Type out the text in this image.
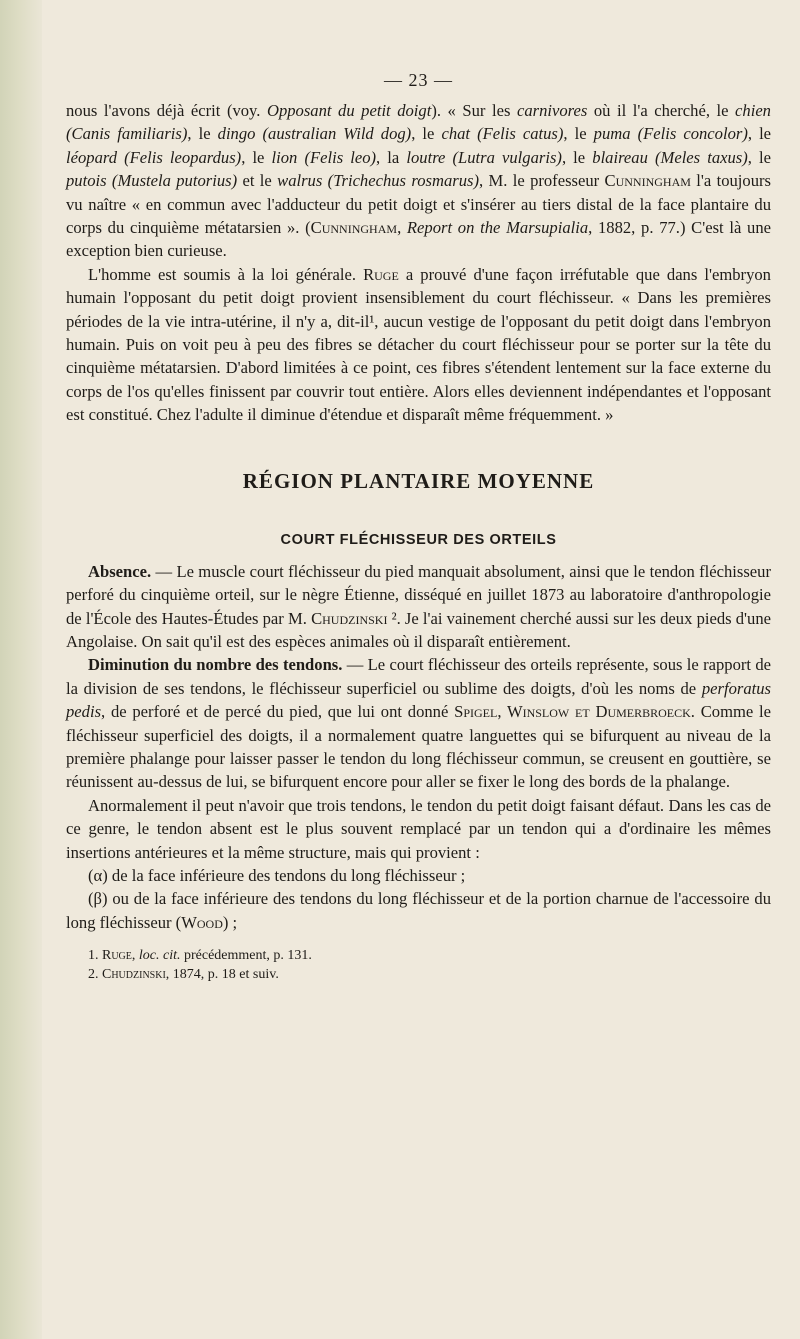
— 23 —

nous l'avons déjà écrit (voy. Opposant du petit doigt). « Sur les carnivores où il l'a cherché, le chien (Canis familiaris), le dingo (australian Wild dog), le chat (Felis catus), le puma (Felis concolor), le léopard (Felis leopardus), le lion (Felis leo), la loutre (Lutra vulgaris), le blaireau (Meles taxus), le putois (Mustela putorius) et le walrus (Trichechus rosmarus), M. le professeur Cunningham l'a toujours vu naître « en commun avec l'adducteur du petit doigt et s'insérer au tiers distal de la face plantaire du corps du cinquième métatarsien ». (Cunningham, Report on the Marsupialia, 1882, p. 77.) C'est là une exception bien curieuse.

L'homme est soumis à la loi générale. Ruge a prouvé d'une façon irréfutable que dans l'embryon humain l'opposant du petit doigt provient insensiblement du court fléchisseur. « Dans les premières périodes de la vie intra-utérine, il n'y a, dit-il¹, aucun vestige de l'opposant du petit doigt dans l'embryon humain. Puis on voit peu à peu des fibres se détacher du court fléchisseur pour se porter sur la tête du cinquième métatarsien. D'abord limitées à ce point, ces fibres s'étendent lentement sur la face externe du corps de l'os qu'elles finissent par couvrir tout entière. Alors elles deviennent indépendantes et l'opposant est constitué. Chez l'adulte il diminue d'étendue et disparaît même fréquemment. »

RÉGION PLANTAIRE MOYENNE
COURT FLÉCHISSEUR DES ORTEILS

Absence. — Le muscle court fléchisseur du pied manquait absolument, ainsi que le tendon fléchisseur perforé du cinquième orteil, sur le nègre Étienne, disséqué en juillet 1873 au laboratoire d'anthropologie de l'École des Hautes-Études par M. Chudzinski ². Je l'ai vainement cherché aussi sur les deux pieds d'une Angolaise. On sait qu'il est des espèces animales où il disparaît entièrement.

Diminution du nombre des tendons. — Le court fléchisseur des orteils représente, sous le rapport de la division de ses tendons, le fléchisseur superficiel ou sublime des doigts, d'où les noms de perforatus pedis, de perforé et de percé du pied, que lui ont donné Spigel, Winslow et Dumerbroeck. Comme le fléchisseur superficiel des doigts, il a normalement quatre languettes qui se bifurquent au niveau de la première phalange pour laisser passer le tendon du long fléchisseur commun, se creusent en gouttière, se réunissent au-dessus de lui, se bifurquent encore pour aller se fixer le long des bords de la phalange.

Anormalement il peut n'avoir que trois tendons, le tendon du petit doigt faisant défaut. Dans les cas de ce genre, le tendon absent est le plus souvent remplacé par un tendon qui a d'ordinaire les mêmes insertions antérieures et la même structure, mais qui provient :

(α) de la face inférieure des tendons du long fléchisseur ;

(β) ou de la face inférieure des tendons du long fléchisseur et de la portion charnue de l'accessoire du long fléchisseur (Wood) ;

1. Ruge, loc. cit. précédemment, p. 131.
2. Chudzinski, 1874, p. 18 et suiv.
